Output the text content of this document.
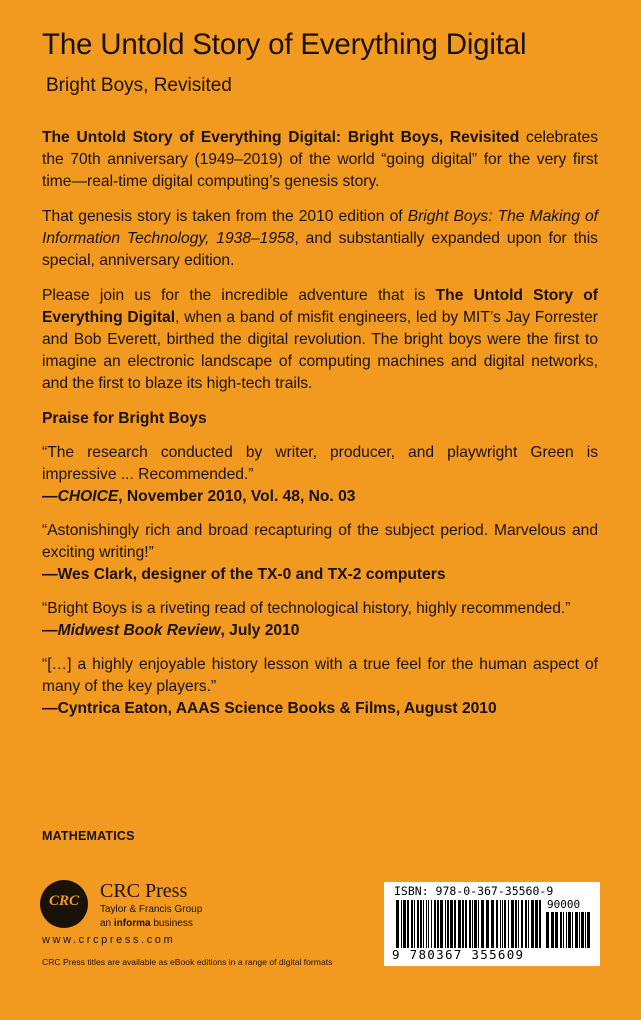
The Untold Story of Everything Digital
Bright Boys, Revisited

The Untold Story of Everything Digital: Bright Boys, Revisited celebrates the 70th anniversary (1949–2019) of the world “going digital” for the very first time—real-time digital computing’s genesis story.

That genesis story is taken from the 2010 edition of Bright Boys: The Making of Information Technology, 1938–1958, and substantially expanded upon for this special, anniversary edition.

Please join us for the incredible adventure that is The Untold Story of Everything Digital, when a band of misfit engineers, led by MIT’s Jay Forrester and Bob Everett, birthed the digital revolution. The bright boys were the first to imagine an electronic landscape of computing machines and digital networks, and the first to blaze its high-tech trails.

Praise for Bright Boys

“The research conducted by writer, producer, and playwright Green is impressive ... Recommended.”

—CHOICE, November 2010, Vol. 48, No. 03

“Astonishingly rich and broad recapturing of the subject period. Marvelous and exciting writing!”

—Wes Clark, designer of the TX-0 and TX-2 computers

“Bright Boys is a riveting read of technological history, highly recommended.”

—Midwest Book Review, July 2010

“[…] a highly enjoyable history lesson with a true feel for the human aspect of many of the key players.”

—Cyntrica Eaton, AAAS Science Books & Films, August 2010
MATHEMATICS
CRC	CRC Press
Taylor & Francis Group
an informa business
www.crcpress.com
CRC Press titles are available as eBook editions in a range of digital formats
ISBN: 978-0-367-35560-9
90000
9 780367 355609
